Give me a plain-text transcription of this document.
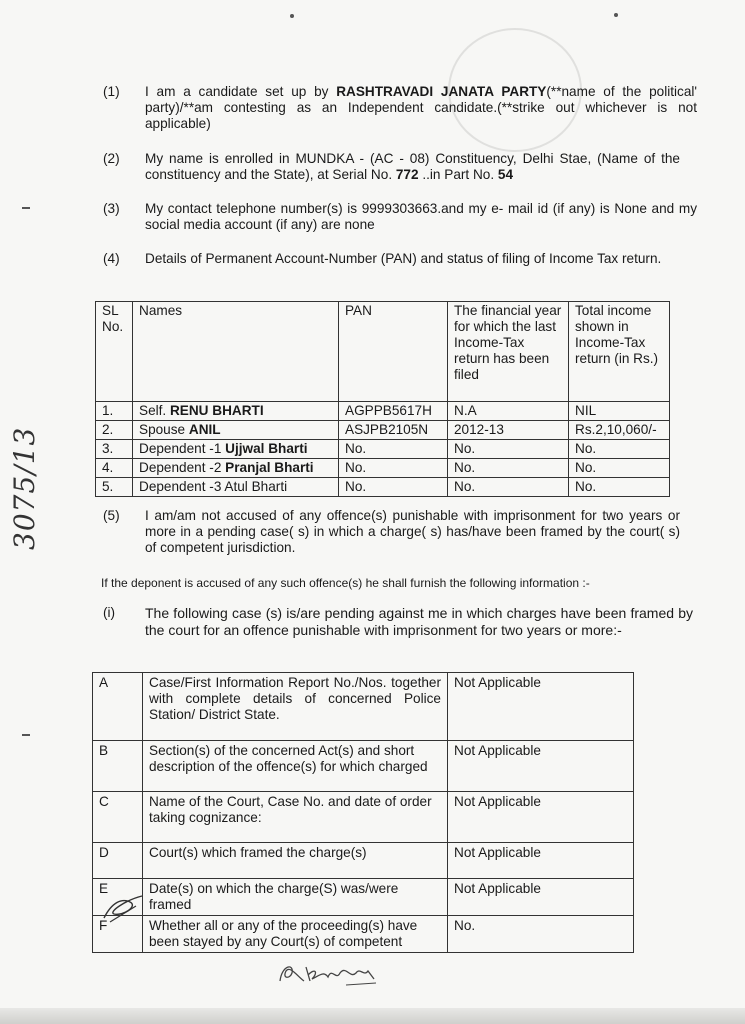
(1) I am a candidate set up by RASHTRAVADI JANATA PARTY(**name of the political' party)/**am contesting as an Independent candidate.(**strike out whichever is not applicable)
(2) My name is enrolled in MUNDKA - (AC - 08) Constituency, Delhi Stae, (Name of the constituency and the State), at Serial No. 772 ..in Part No. 54
(3) My contact telephone number(s) is 9999303663.and my e- mail id (if any) is None and my social media account (if any) are none
(4) Details of Permanent Account-Number (PAN) and status of filing of Income Tax return.
SL No.	Names	PAN	The financial year for which the last Income-Tax return has been filed	Total income shown in Income-Tax return (in Rs.)
1.	Self. RENU BHARTI	AGPPB5617H	N.A	NIL
2.	Spouse ANIL	ASJPB2105N	2012-13	Rs.2,10,060/-
3.	Dependent -1 Ujjwal Bharti	No.	No.	No.
4.	Dependent -2 Pranjal Bharti	No.	No.	No.
5.	Dependent -3 Atul Bharti	No.	No.	No.
(5) I am/am not accused of any offence(s) punishable with imprisonment for two years or more in a pending case( s) in which a charge( s) has/have been framed by the court( s) of competent jurisdiction.
If the deponent is accused of any such offence(s) he shall furnish the following information :-
(i) The following case (s) is/are pending against me in which charges have been framed by the court for an offence punishable with imprisonment for two years or more:-
A	Case/First Information Report No./Nos. together with complete details of concerned Police Station/ District State.	Not Applicable
B	Section(s) of the concerned Act(s) and short description of the offence(s) for which charged	Not Applicable
C	Name of the Court, Case No. and date of order taking cognizance:	Not Applicable
D	Court(s) which framed the charge(s)	Not Applicable
E	Date(s) on which the charge(S) was/were framed	Not Applicable
F	Whether all or any of the proceeding(s) have been stayed by any Court(s) of competent	No.
3075/13
